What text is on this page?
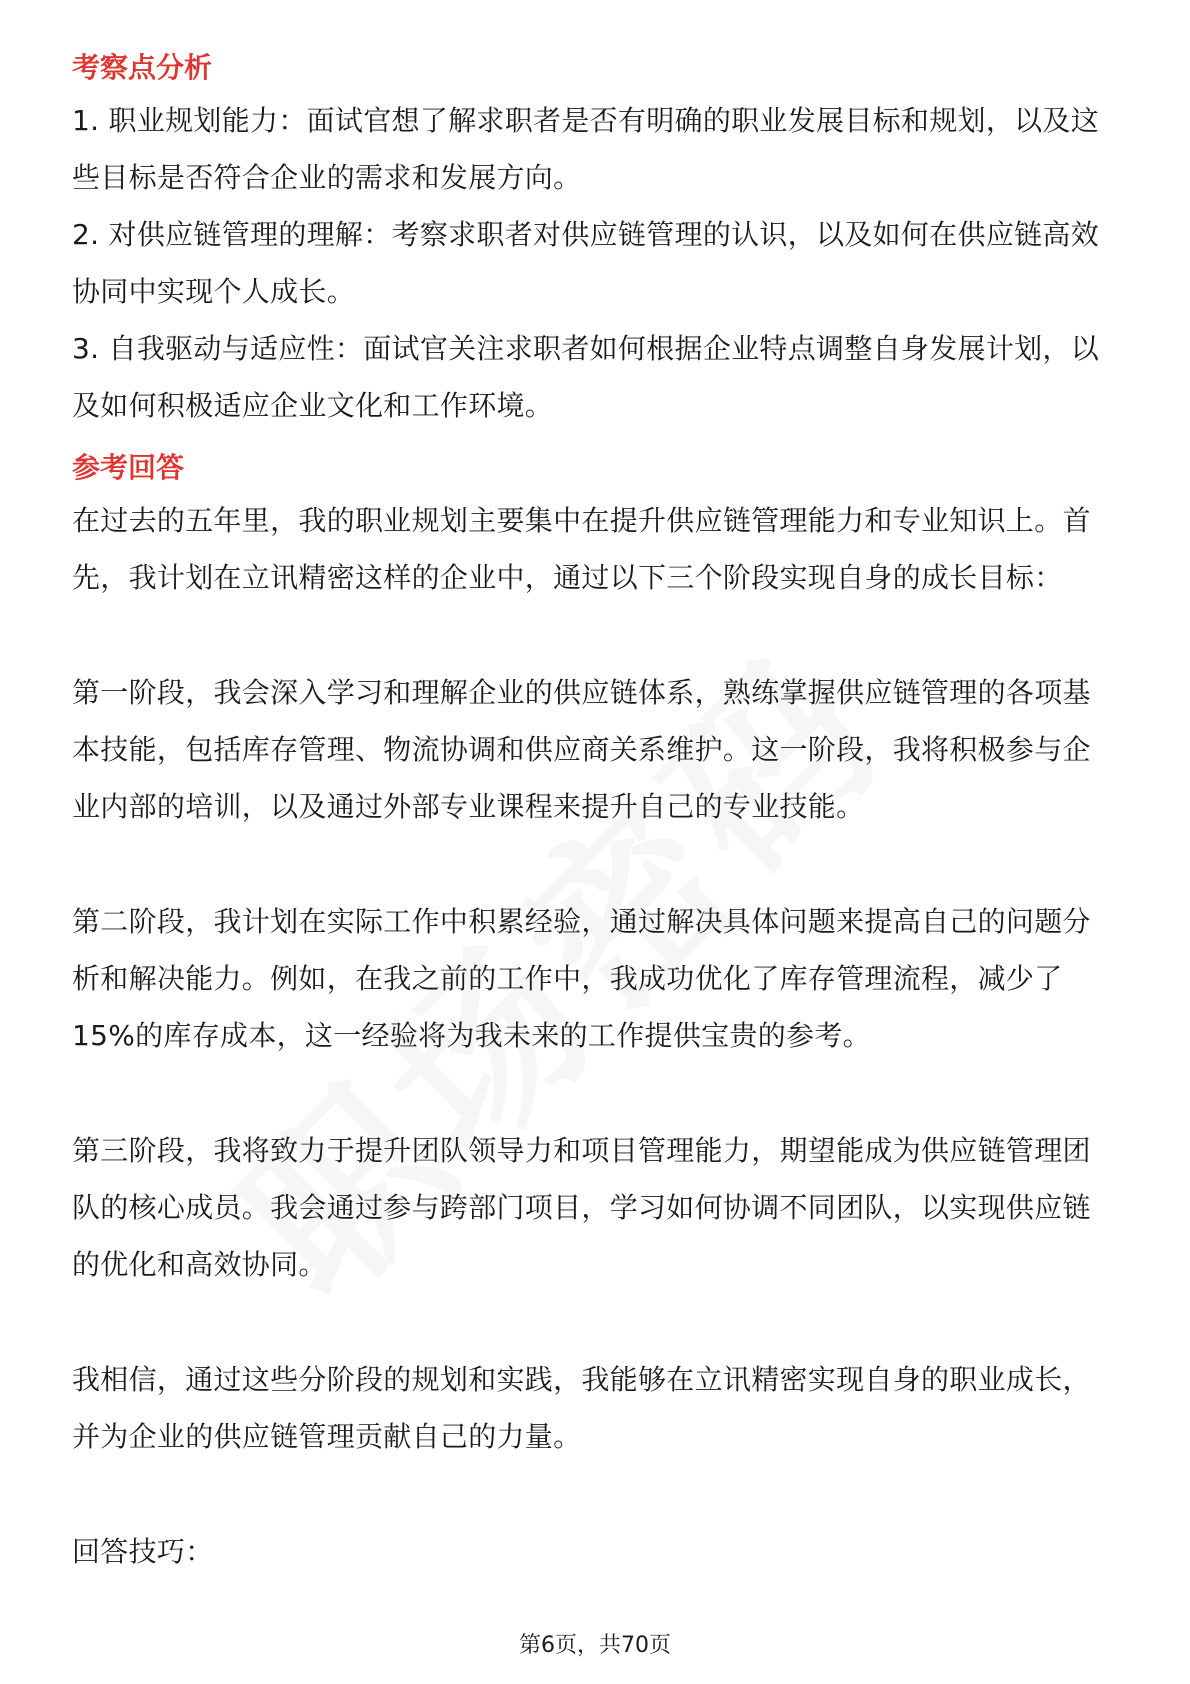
考察点分析

1. 职业规划能力：面试官想了解求职者是否有明确的职业发展目标和规划，以及这些目标是否符合企业的需求和发展方向。

2. 对供应链管理的理解：考察求职者对供应链管理的认识，以及如何在供应链高效协同中实现个人成长。

3. 自我驱动与适应性：面试官关注求职者如何根据企业特点调整自身发展计划，以及如何积极适应企业文化和工作环境。

参考回答

在过去的五年里，我的职业规划主要集中在提升供应链管理能力和专业知识上。首先，我计划在立讯精密这样的企业中，通过以下三个阶段实现自身的成长目标：

第一阶段，我会深入学习和理解企业的供应链体系，熟练掌握供应链管理的各项基本技能，包括库存管理、物流协调和供应商关系维护。这一阶段，我将积极参与企业内部的培训，以及通过外部专业课程来提升自己的专业技能。

第二阶段，我计划在实际工作中积累经验，通过解决具体问题来提高自己的问题分析和解决能力。例如，在我之前的工作中，我成功优化了库存管理流程，减少了15%的库存成本，这一经验将为我未来的工作提供宝贵的参考。

第三阶段，我将致力于提升团队领导力和项目管理能力，期望能成为供应链管理团队的核心成员。我会通过参与跨部门项目，学习如何协调不同团队，以实现供应链的优化和高效协同。

我相信，通过这些分阶段的规划和实践，我能够在立讯精密实现自身的职业成长，并为企业的供应链管理贡献自己的力量。

回答技巧：

第6页，共70页
